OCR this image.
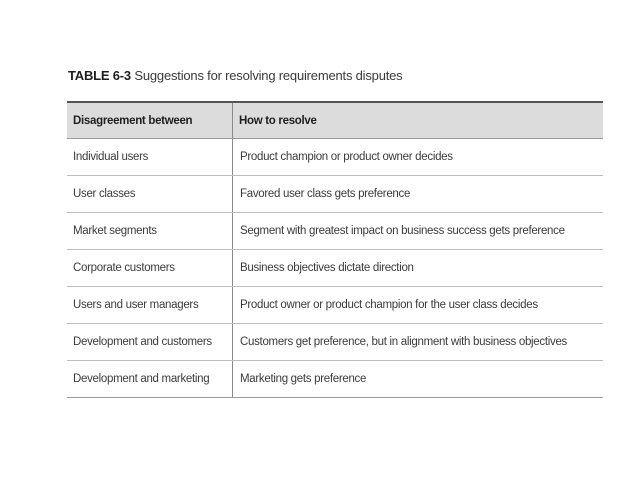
TABLE 6-3 Suggestions for resolving requirements disputes
Disagreement between	How to resolve
Individual users	Product champion or product owner decides
User classes	Favored user class gets preference
Market segments	Segment with greatest impact on business success gets preference
Corporate customers	Business objectives dictate direction
Users and user managers	Product owner or product champion for the user class decides
Development and customers	Customers get preference, but in alignment with business objectives
Development and marketing	Marketing gets preference
